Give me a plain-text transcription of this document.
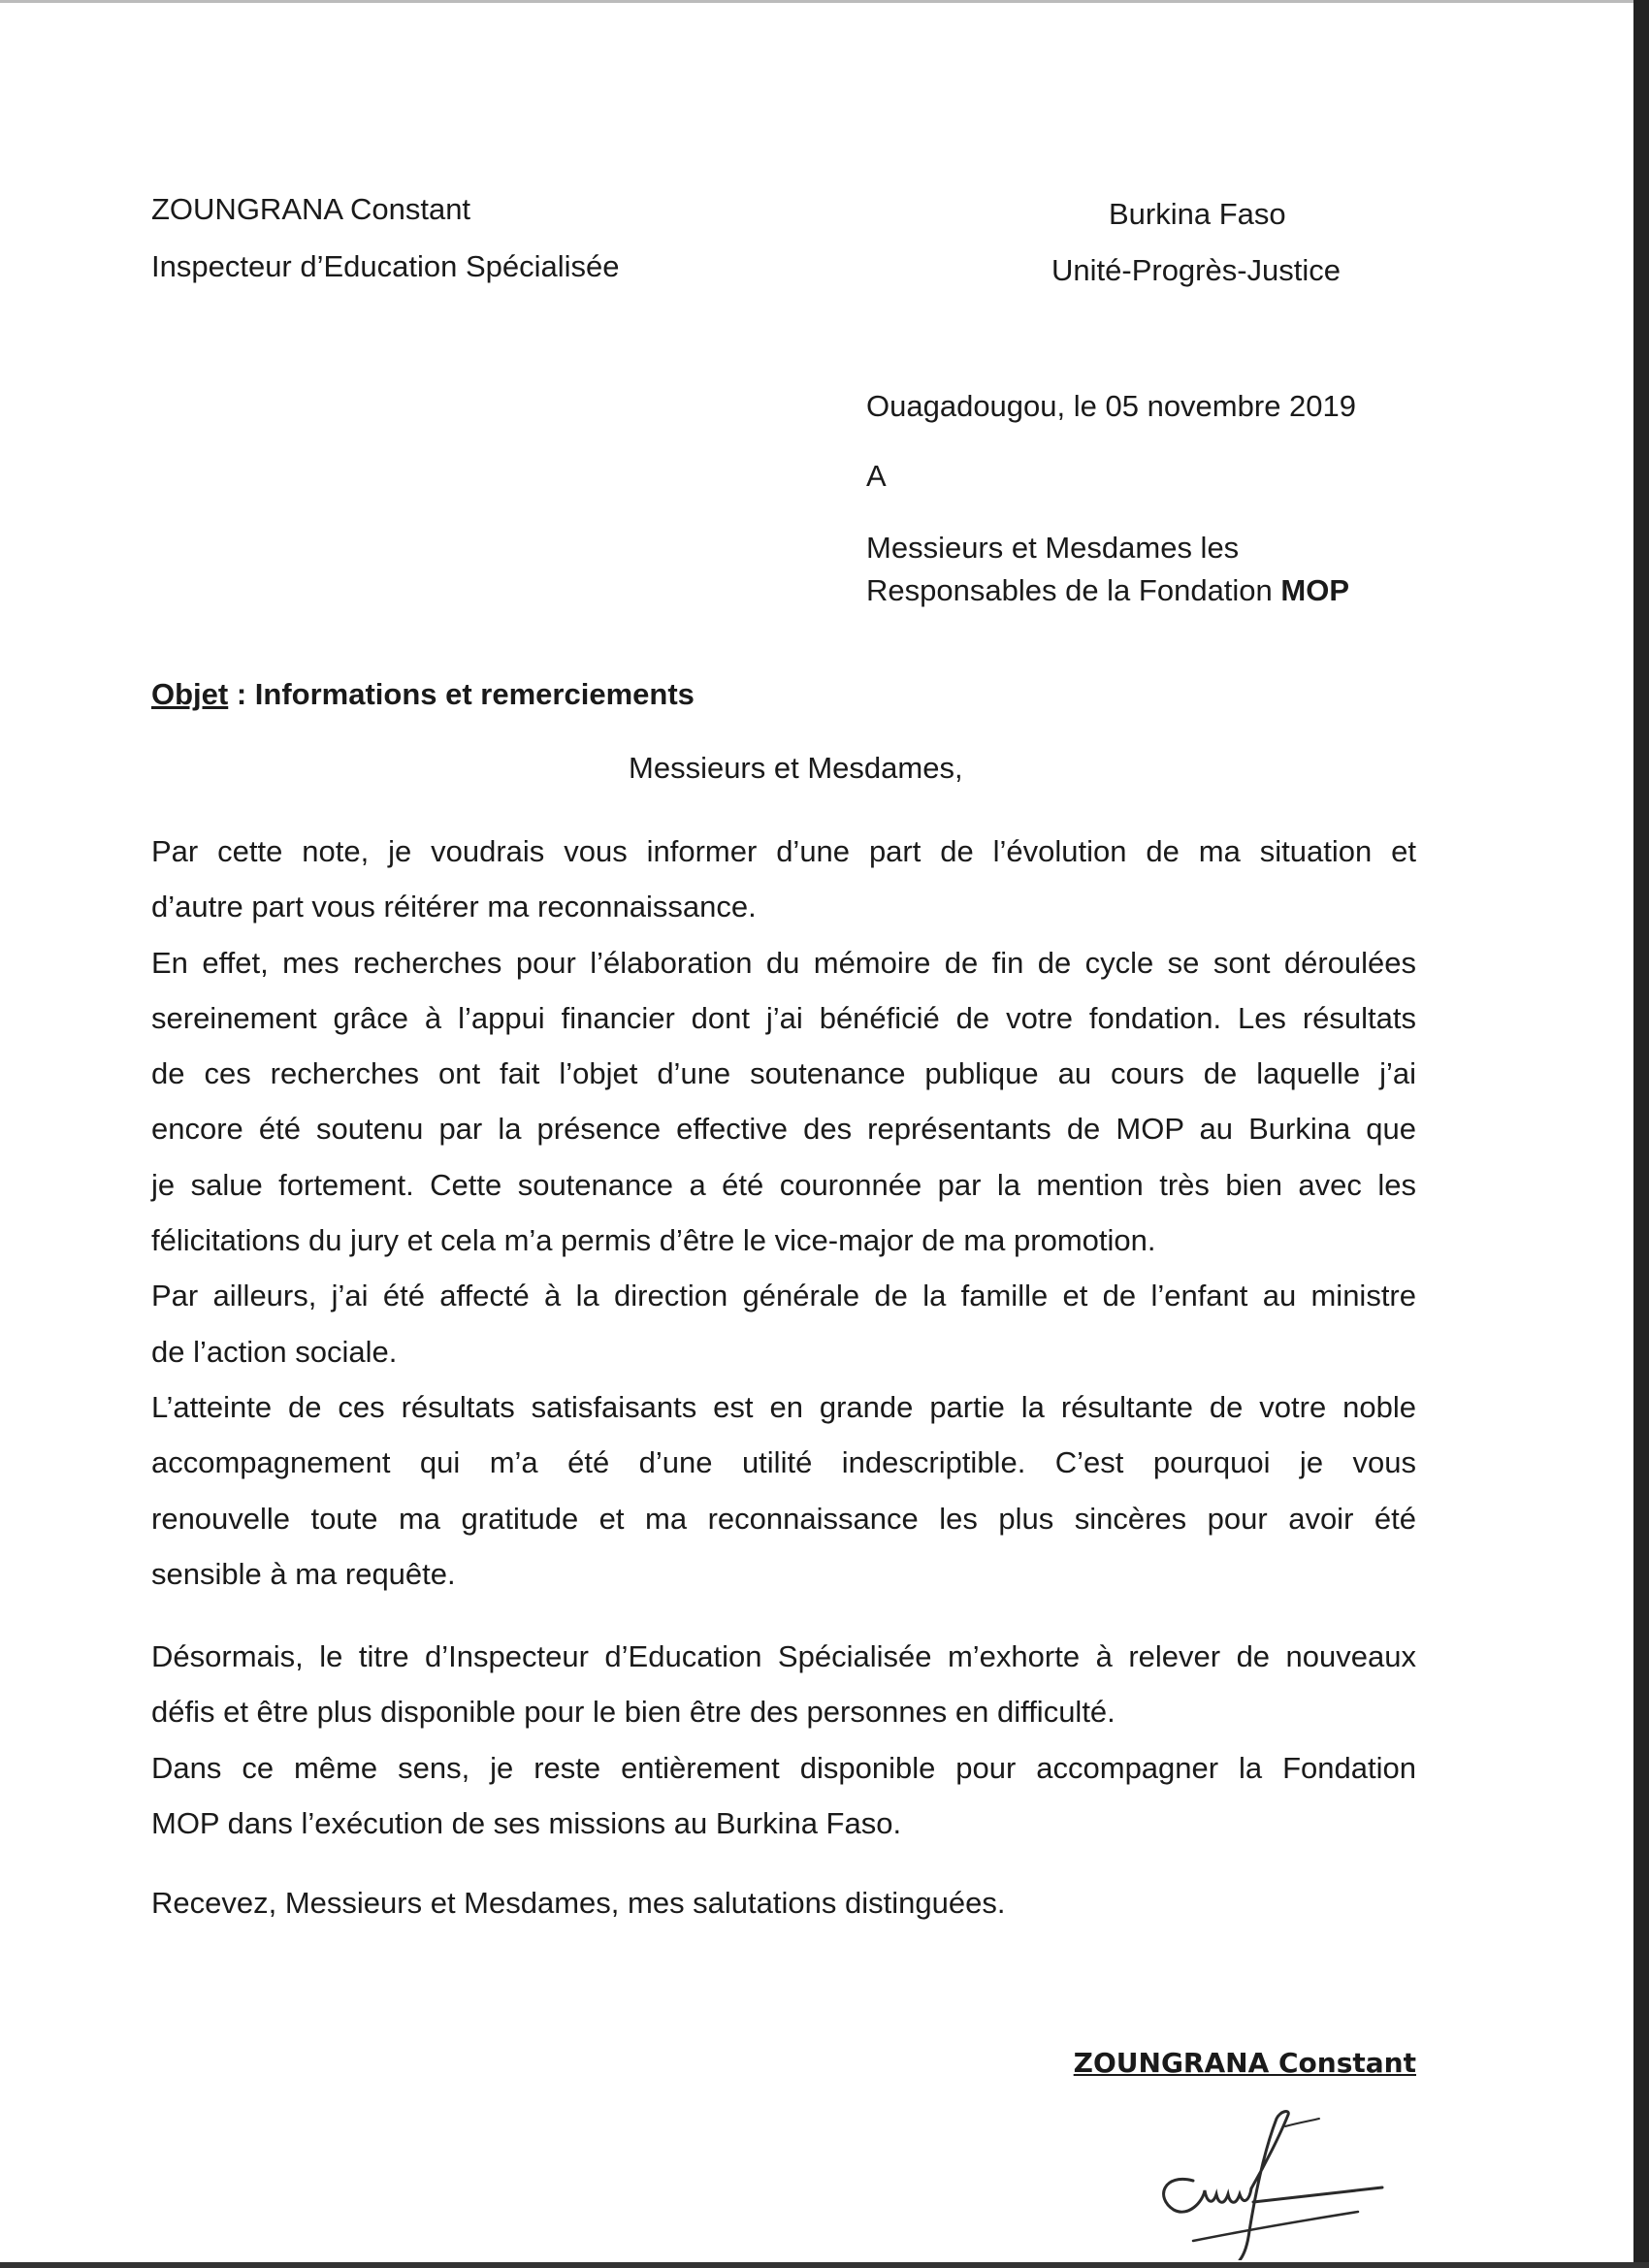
ZOUNGRANA Constant
Inspecteur d’Education Spécialisée
Burkina Faso
Unité-Progrès-Justice
Ouagadougou, le 05 novembre 2019
A
Messieurs et Mesdames les
Responsables de la Fondation MOP
Objet : Informations et remerciements
Messieurs et Mesdames,
Par cette note, je voudrais vous informer d’une part de l’évolution de ma situation et
d’autre part vous réitérer ma reconnaissance.
En effet, mes recherches pour l’élaboration du mémoire de fin de cycle se sont déroulées
sereinement grâce à l’appui financier dont j’ai bénéficié de votre fondation. Les résultats
de ces recherches ont fait l’objet d’une soutenance publique au cours de laquelle j’ai
encore été soutenu par la présence effective des représentants de MOP au Burkina que
je salue fortement. Cette soutenance a été couronnée par la mention très bien avec les
félicitations du jury et cela m’a permis d’être le vice-major de ma promotion.
Par ailleurs, j’ai été affecté à la direction générale de la famille et de l’enfant au ministre
de l’action sociale.
L’atteinte de ces résultats satisfaisants est en grande partie la résultante de votre noble
accompagnement qui m’a été d’une utilité indescriptible. C’est pourquoi je vous
renouvelle toute ma gratitude et ma reconnaissance les plus sincères pour avoir été
sensible à ma requête.
Désormais, le titre d’Inspecteur d’Education Spécialisée m’exhorte à relever de nouveaux
défis et être plus disponible pour le bien être des personnes en difficulté.
Dans ce même sens, je reste entièrement disponible pour accompagner la Fondation
MOP dans l’exécution de ses missions au Burkina Faso.
Recevez, Messieurs et Mesdames, mes salutations distinguées.
ZOUNGRANA Constant
